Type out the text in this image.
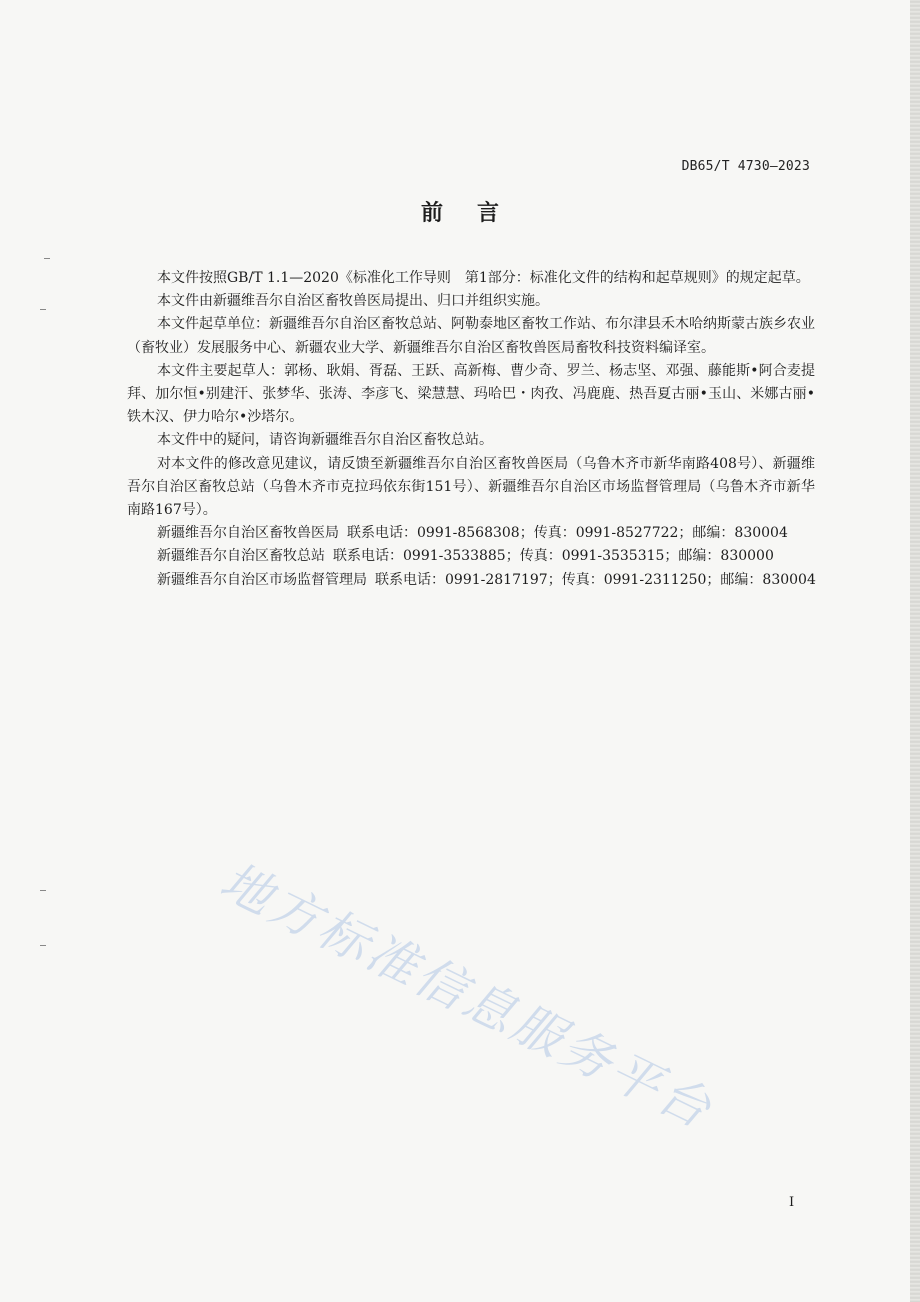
DB65/T 4730—2023
前言

本文件按照GB/T 1.1—2020《标准化工作导则　第1部分：标准化文件的结构和起草规则》的规定起草。

本文件由新疆维吾尔自治区畜牧兽医局提出、归口并组织实施。

本文件起草单位：新疆维吾尔自治区畜牧总站、阿勒泰地区畜牧工作站、布尔津县禾木哈纳斯蒙古族乡农业（畜牧业）发展服务中心、新疆农业大学、新疆维吾尔自治区畜牧兽医局畜牧科技资料编译室。

本文件主要起草人：郭杨、耿娟、胥磊、王跃、高新梅、曹少奇、罗兰、杨志坚、邓强、藤能斯•阿合麦提拜、加尔恒•别建汗、张梦华、张涛、李彦飞、梁慧慧、玛哈巴・肉孜、冯鹿鹿、热吾夏古丽•玉山、米娜古丽•铁木汉、伊力哈尔•沙塔尔。

本文件中的疑问，请咨询新疆维吾尔自治区畜牧总站。

对本文件的修改意见建议，请反馈至新疆维吾尔自治区畜牧兽医局（乌鲁木齐市新华南路408号）、新疆维吾尔自治区畜牧总站（乌鲁木齐市克拉玛依东街151号）、新疆维吾尔自治区市场监督管理局（乌鲁木齐市新华南路167号）。

新疆维吾尔自治区畜牧兽医局 联系电话：0991-8568308；传真：0991-8527722；邮编：830004

新疆维吾尔自治区畜牧总站 联系电话：0991-3533885；传真：0991-3535315；邮编：830000

新疆维吾尔自治区市场监督管理局 联系电话：0991-2817197；传真：0991-2311250；邮编：830004

地方标准信息服务平台
I
